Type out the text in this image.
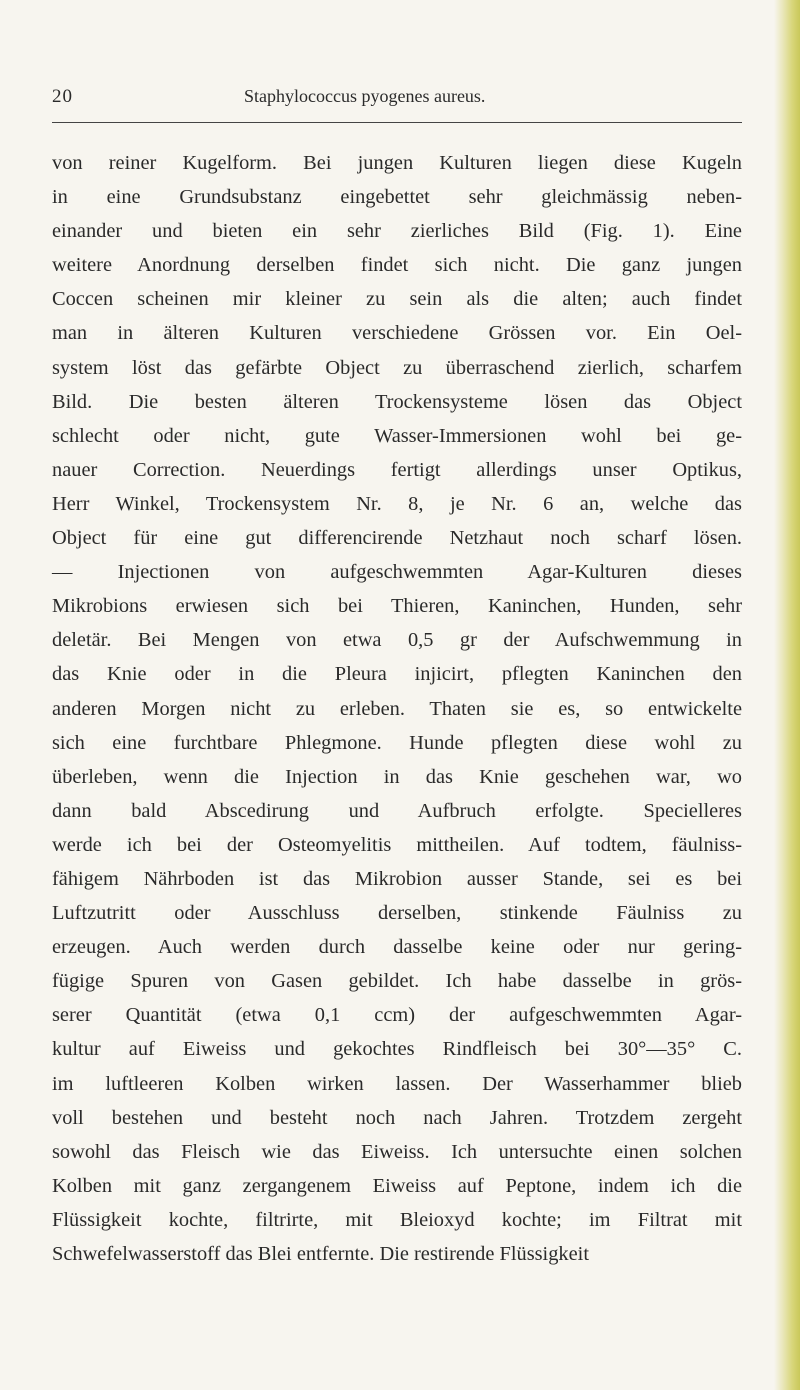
20	Staphylococcus pyogenes aureus.
von reiner Kugelform. Bei jungen Kulturen liegen diese Kugeln
in eine Grundsubstanz eingebettet sehr gleichmässig neben-
einander und bieten ein sehr zierliches Bild (Fig. 1). Eine
weitere Anordnung derselben findet sich nicht. Die ganz jungen
Coccen scheinen mir kleiner zu sein als die alten; auch findet
man in älteren Kulturen verschiedene Grössen vor. Ein Oel-
system löst das gefärbte Object zu überraschend zierlich, scharfem
Bild. Die besten älteren Trockensysteme lösen das Object
schlecht oder nicht, gute Wasser-Immersionen wohl bei ge-
nauer Correction. Neuerdings fertigt allerdings unser Optikus,
Herr Winkel, Trockensystem Nr. 8, je Nr. 6 an, welche das
Object für eine gut differencirende Netzhaut noch scharf lösen.
— Injectionen von aufgeschwemmten Agar-Kulturen dieses
Mikrobions erwiesen sich bei Thieren, Kaninchen, Hunden, sehr
deletär. Bei Mengen von etwa 0,5 gr der Aufschwemmung in
das Knie oder in die Pleura injicirt, pflegten Kaninchen den
anderen Morgen nicht zu erleben. Thaten sie es, so entwickelte
sich eine furchtbare Phlegmone. Hunde pflegten diese wohl zu
überleben, wenn die Injection in das Knie geschehen war, wo
dann bald Abscedirung und Aufbruch erfolgte. Specielleres
werde ich bei der Osteomyelitis mittheilen. Auf todtem, fäulniss-
fähigem Nährboden ist das Mikrobion ausser Stande, sei es bei
Luftzutritt oder Ausschluss derselben, stinkende Fäulniss zu
erzeugen. Auch werden durch dasselbe keine oder nur gering-
fügige Spuren von Gasen gebildet. Ich habe dasselbe in grös-
serer Quantität (etwa 0,1 ccm) der aufgeschwemmten Agar-
kultur auf Eiweiss und gekochtes Rindfleisch bei 30°—35° C.
im luftleeren Kolben wirken lassen. Der Wasserhammer blieb
voll bestehen und besteht noch nach Jahren. Trotzdem zergeht
sowohl das Fleisch wie das Eiweiss. Ich untersuchte einen solchen
Kolben mit ganz zergangenem Eiweiss auf Peptone, indem ich die
Flüssigkeit kochte, filtrirte, mit Bleioxyd kochte; im Filtrat mit
Schwefelwasserstoff das Blei entfernte. Die restirende Flüssigkeit
